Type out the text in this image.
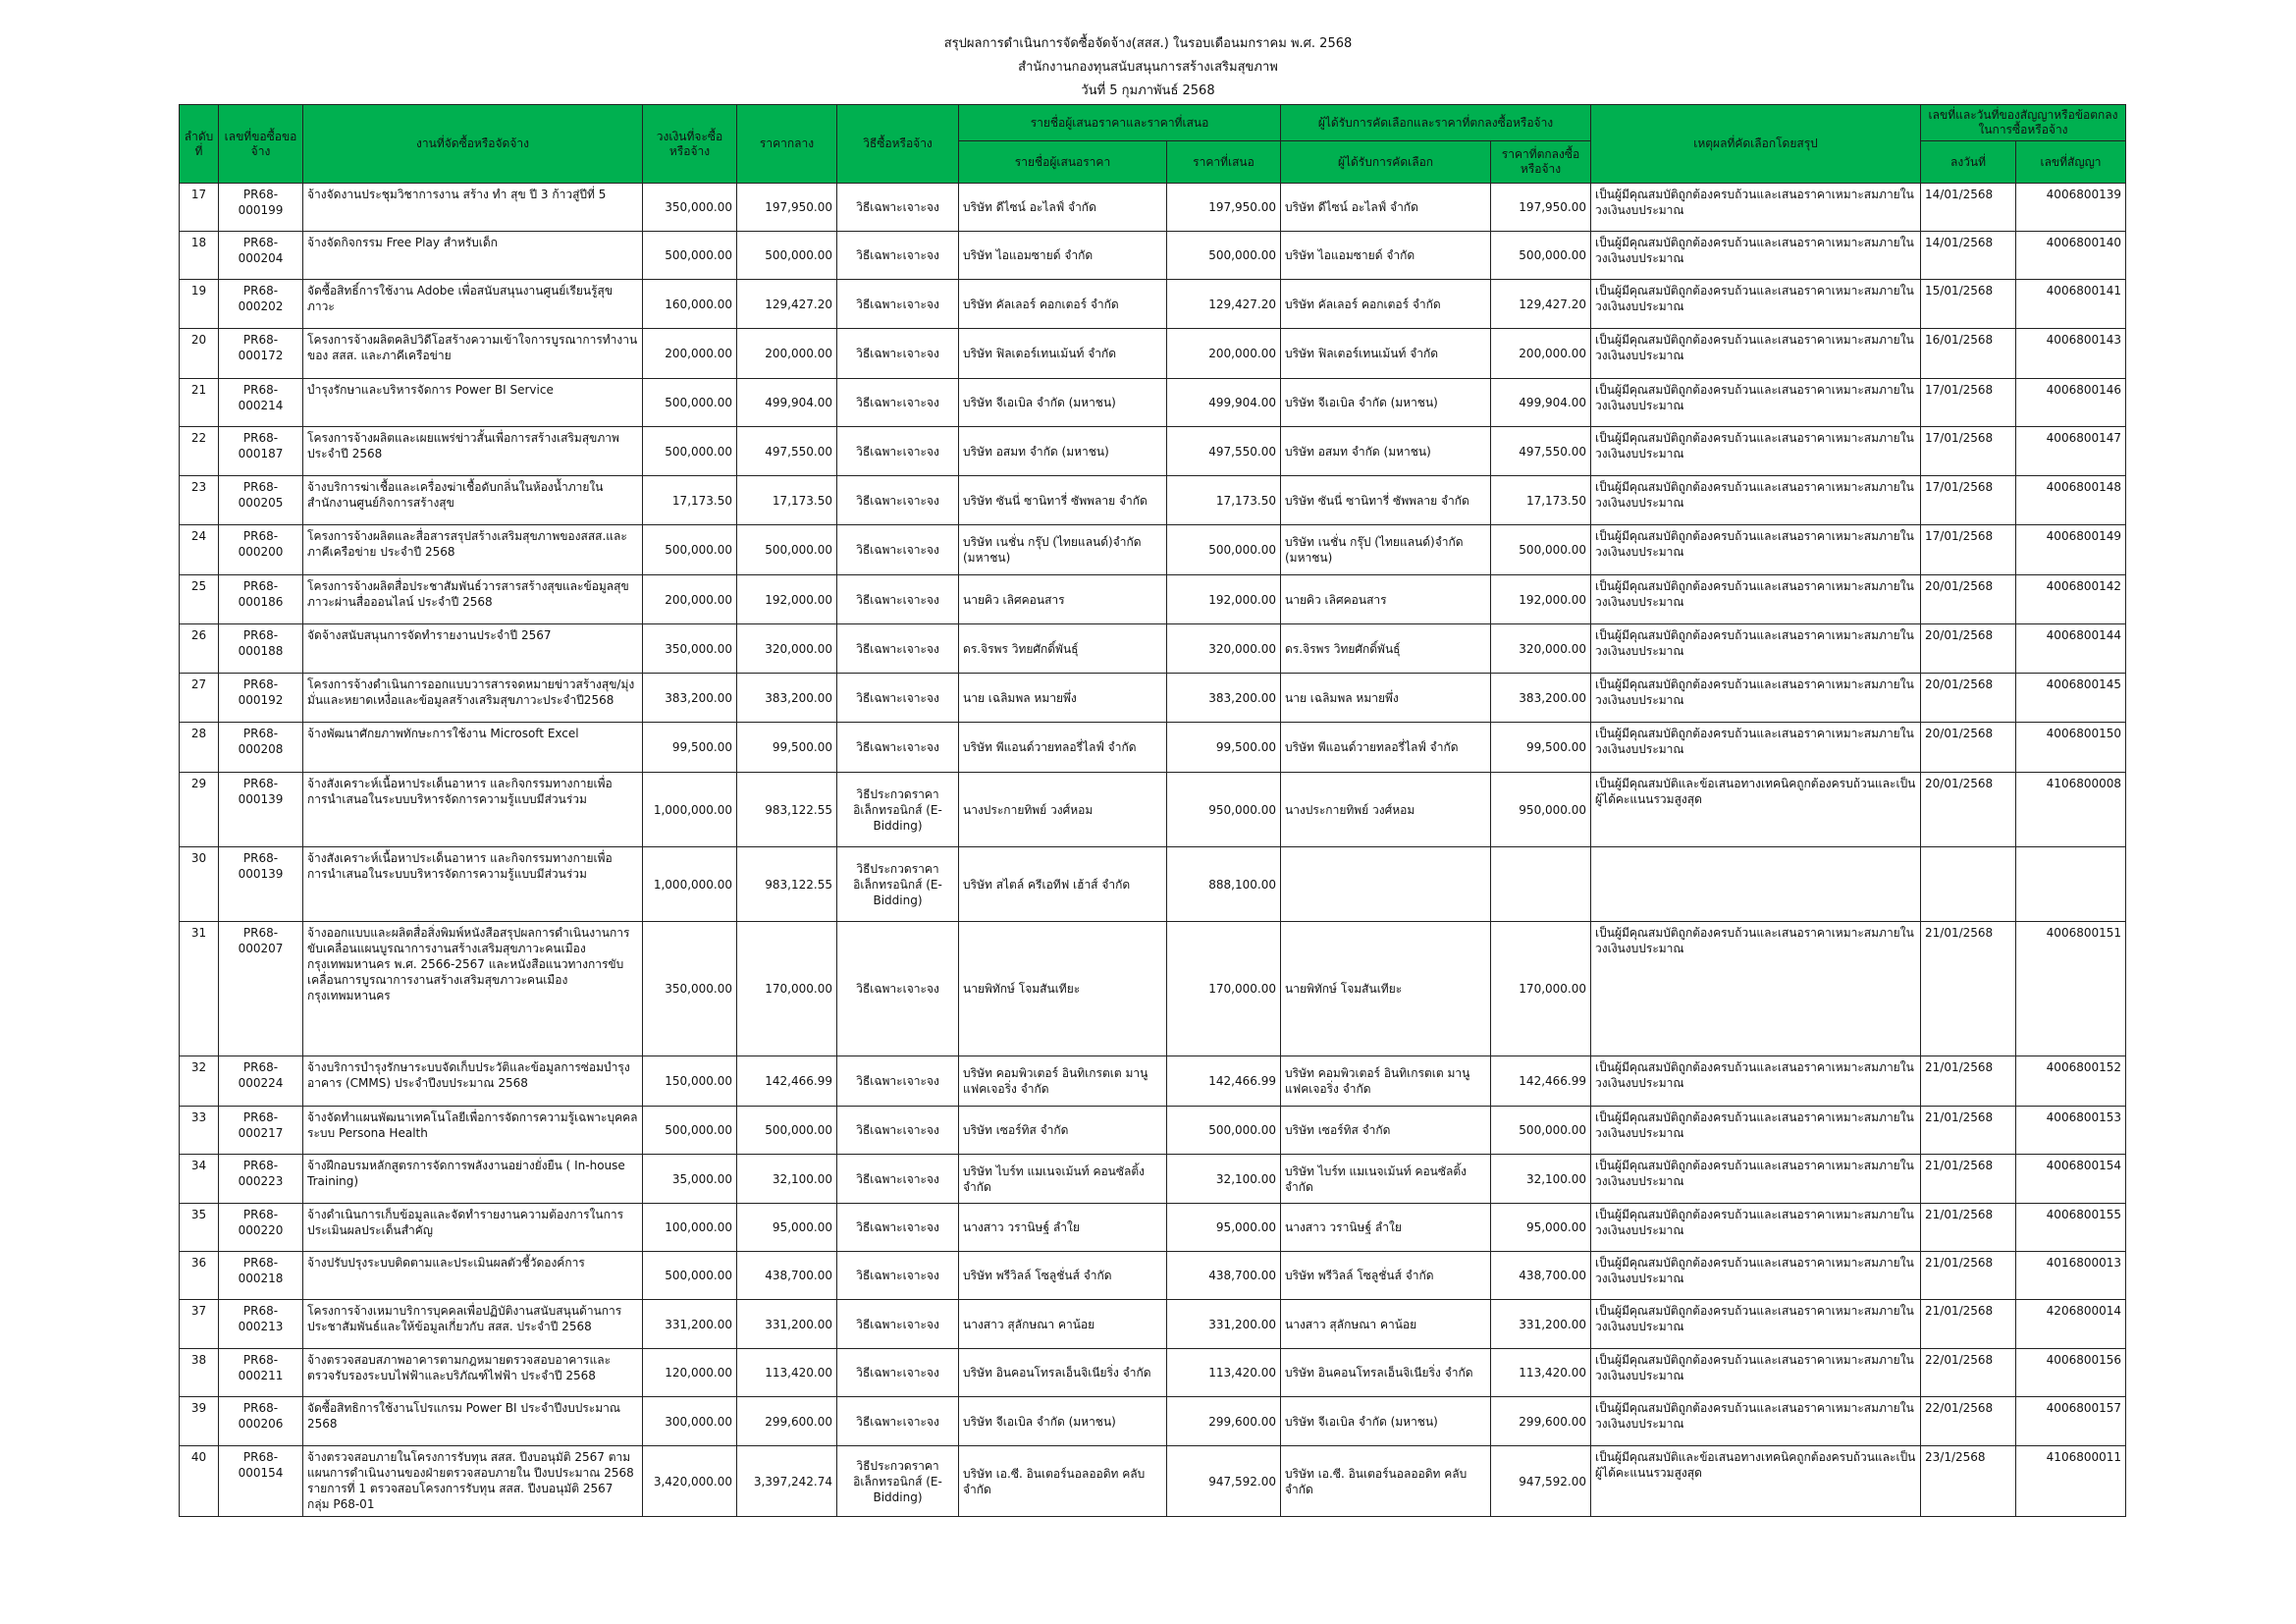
สรุปผลการดำเนินการจัดซื้อจัดจ้าง(สสส.) ในรอบเดือนมกราคม พ.ศ. 2568
สำนักงานกองทุนสนับสนุนการสร้างเสริมสุขภาพ
วันที่ 5 กุมภาพันธ์ 2568
ลำดับที่	เลขที่ขอซื้อขอจ้าง	งานที่จัดซื้อหรือจัดจ้าง	วงเงินที่จะซื้อหรือจ้าง	ราคากลาง	วิธีซื้อหรือจ้าง	รายชื่อผู้เสนอราคาและราคาที่เสนอ		ผู้ได้รับการคัดเลือกและราคาที่ตกลงซื้อหรือจ้าง		เหตุผลที่คัดเลือกโดยสรุป	เลขที่และวันที่ของสัญญาหรือข้อตกลงในการซื้อหรือจ้าง	
						รายชื่อผู้เสนอราคา	ราคาที่เสนอ	ผู้ได้รับการคัดเลือก	ราคาที่ตกลงซื้อหรือจ้าง		ลงวันที่	เลขที่สัญญา
17	PR68-000199	จ้างจัดงานประชุมวิชาการงาน สร้าง ทำ สุข ปี 3 ก้าวสู่ปีที่ 5	350,000.00	197,950.00	วิธีเฉพาะเจาะจง	บริษัท ดีไซน์ อะไลฟ์ จำกัด	197,950.00	บริษัท ดีไซน์ อะไลฟ์ จำกัด	197,950.00	เป็นผู้มีคุณสมบัติถูกต้องครบถ้วนและเสนอราคาเหมาะสมภายในวงเงินงบประมาณ	14/01/2568	4006800139
18	PR68-000204	จ้างจัดกิจกรรม Free Play สำหรับเด็ก	500,000.00	500,000.00	วิธีเฉพาะเจาะจง	บริษัท ไอแอมซายด์ จำกัด	500,000.00	บริษัท ไอแอมซายด์ จำกัด	500,000.00	เป็นผู้มีคุณสมบัติถูกต้องครบถ้วนและเสนอราคาเหมาะสมภายในวงเงินงบประมาณ	14/01/2568	4006800140
19	PR68-000202	จัดซื้อสิทธิ์การใช้งาน Adobe เพื่อสนับสนุนงานศูนย์เรียนรู้สุขภาวะ	160,000.00	129,427.20	วิธีเฉพาะเจาะจง	บริษัท คัลเลอร์ คอกเตอร์ จำกัด	129,427.20	บริษัท คัลเลอร์ คอกเตอร์ จำกัด	129,427.20	เป็นผู้มีคุณสมบัติถูกต้องครบถ้วนและเสนอราคาเหมาะสมภายในวงเงินงบประมาณ	15/01/2568	4006800141
20	PR68-000172	โครงการจ้างผลิตคลิปวิดีโอสร้างความเข้าใจการบูรณาการทำงานของ สสส. และภาคีเครือข่าย	200,000.00	200,000.00	วิธีเฉพาะเจาะจง	บริษัท ฟิลเตอร์เทนเม้นท์ จำกัด	200,000.00	บริษัท ฟิลเตอร์เทนเม้นท์ จำกัด	200,000.00	เป็นผู้มีคุณสมบัติถูกต้องครบถ้วนและเสนอราคาเหมาะสมภายในวงเงินงบประมาณ	16/01/2568	4006800143
21	PR68-000214	บำรุงรักษาและบริหารจัดการ Power BI Service	500,000.00	499,904.00	วิธีเฉพาะเจาะจง	บริษัท จีเอเบิล จำกัด (มหาชน)	499,904.00	บริษัท จีเอเบิล จำกัด (มหาชน)	499,904.00	เป็นผู้มีคุณสมบัติถูกต้องครบถ้วนและเสนอราคาเหมาะสมภายในวงเงินงบประมาณ	17/01/2568	4006800146
22	PR68-000187	โครงการจ้างผลิตและเผยแพร่ข่าวสั้นเพื่อการสร้างเสริมสุขภาพ ประจำปี 2568	500,000.00	497,550.00	วิธีเฉพาะเจาะจง	บริษัท อสมท จำกัด (มหาชน)	497,550.00	บริษัท อสมท จำกัด (มหาชน)	497,550.00	เป็นผู้มีคุณสมบัติถูกต้องครบถ้วนและเสนอราคาเหมาะสมภายในวงเงินงบประมาณ	17/01/2568	4006800147
23	PR68-000205	จ้างบริการฆ่าเชื้อและเครื่องฆ่าเชื้อดับกลิ่นในห้องน้ำภายในสำนักงานศูนย์กิจการสร้างสุข	17,173.50	17,173.50	วิธีเฉพาะเจาะจง	บริษัท ซันนี่ ซานิทารี่ ซัพพลาย จำกัด	17,173.50	บริษัท ซันนี่ ซานิทารี่ ซัพพลาย จำกัด	17,173.50	เป็นผู้มีคุณสมบัติถูกต้องครบถ้วนและเสนอราคาเหมาะสมภายในวงเงินงบประมาณ	17/01/2568	4006800148
24	PR68-000200	โครงการจ้างผลิตและสื่อสารสรุปสร้างเสริมสุขภาพของสสส.และภาคีเครือข่าย ประจำปี 2568	500,000.00	500,000.00	วิธีเฉพาะเจาะจง	บริษัท เนชั่น กรุ๊ป (ไทยแลนด์)จำกัด (มหาชน)	500,000.00	บริษัท เนชั่น กรุ๊ป (ไทยแลนด์)จำกัด (มหาชน)	500,000.00	เป็นผู้มีคุณสมบัติถูกต้องครบถ้วนและเสนอราคาเหมาะสมภายในวงเงินงบประมาณ	17/01/2568	4006800149
25	PR68-000186	โครงการจ้างผลิตสื่อประชาสัมพันธ์วารสารสร้างสุขและข้อมูลสุขภาวะผ่านสื่อออนไลน์ ประจำปี 2568	200,000.00	192,000.00	วิธีเฉพาะเจาะจง	นายคิว เลิศคอนสาร	192,000.00	นายคิว เลิศคอนสาร	192,000.00	เป็นผู้มีคุณสมบัติถูกต้องครบถ้วนและเสนอราคาเหมาะสมภายในวงเงินงบประมาณ	20/01/2568	4006800142
26	PR68-000188	จัดจ้างสนับสนุนการจัดทำรายงานประจำปี 2567	350,000.00	320,000.00	วิธีเฉพาะเจาะจง	ดร.จิรพร วิทยศักดิ์พันธุ์	320,000.00	ดร.จิรพร วิทยศักดิ์พันธุ์	320,000.00	เป็นผู้มีคุณสมบัติถูกต้องครบถ้วนและเสนอราคาเหมาะสมภายในวงเงินงบประมาณ	20/01/2568	4006800144
27	PR68-000192	โครงการจ้างดำเนินการออกแบบวารสารจดหมายข่าวสร้างสุข/มุ่งมั่นและหยาดเหงื่อและข้อมูลสร้างเสริมสุขภาวะประจำปี2568	383,200.00	383,200.00	วิธีเฉพาะเจาะจง	นาย เฉลิมพล หมายพึ่ง	383,200.00	นาย เฉลิมพล หมายพึ่ง	383,200.00	เป็นผู้มีคุณสมบัติถูกต้องครบถ้วนและเสนอราคาเหมาะสมภายในวงเงินงบประมาณ	20/01/2568	4006800145
28	PR68-000208	จ้างพัฒนาศักยภาพทักษะการใช้งาน Microsoft Excel	99,500.00	99,500.00	วิธีเฉพาะเจาะจง	บริษัท พีแอนด์วายทลอรี่ไลฟ์ จำกัด	99,500.00	บริษัท พีแอนด์วายทลอรี่ไลฟ์ จำกัด	99,500.00	เป็นผู้มีคุณสมบัติถูกต้องครบถ้วนและเสนอราคาเหมาะสมภายในวงเงินงบประมาณ	20/01/2568	4006800150
29	PR68-000139	จ้างสังเคราะห์เนื้อหาประเด็นอาหาร และกิจกรรมทางกายเพื่อการนำเสนอในระบบบริหารจัดการความรู้แบบมีส่วนร่วม	1,000,000.00	983,122.55	วิธีประกวดราคาอิเล็กทรอนิกส์ (E-Bidding)	นางประกายทิพย์ วงศ์หอม	950,000.00	นางประกายทิพย์ วงศ์หอม	950,000.00	เป็นผู้มีคุณสมบัติและข้อเสนอทางเทคนิคถูกต้องครบถ้วนและเป็นผู้ได้คะแนนรวมสูงสุด	20/01/2568	4106800008
30	PR68-000139	จ้างสังเคราะห์เนื้อหาประเด็นอาหาร และกิจกรรมทางกายเพื่อการนำเสนอในระบบบริหารจัดการความรู้แบบมีส่วนร่วม	1,000,000.00	983,122.55	วิธีประกวดราคาอิเล็กทรอนิกส์ (E-Bidding)	บริษัท สไตล์ ครีเอทีฟ เฮ้าส์ จำกัด	888,100.00					
31	PR68-000207	จ้างออกแบบและผลิตสื่อสิ่งพิมพ์หนังสือสรุปผลการดำเนินงานการขับเคลื่อนแผนบูรณาการงานสร้างเสริมสุขภาวะคนเมืองกรุงเทพมหานคร พ.ศ. 2566-2567 และหนังสือแนวทางการขับเคลื่อนการบูรณาการงานสร้างเสริมสุขภาวะคนเมืองกรุงเทพมหานคร	350,000.00	170,000.00	วิธีเฉพาะเจาะจง	นายพิทักษ์ โจมสันเทียะ	170,000.00	นายพิทักษ์ โจมสันเทียะ	170,000.00	เป็นผู้มีคุณสมบัติถูกต้องครบถ้วนและเสนอราคาเหมาะสมภายในวงเงินงบประมาณ	21/01/2568	4006800151
32	PR68-000224	จ้างบริการบำรุงรักษาระบบจัดเก็บประวัติและข้อมูลการซ่อมบำรุงอาคาร (CMMS) ประจำปีงบประมาณ 2568	150,000.00	142,466.99	วิธีเฉพาะเจาะจง	บริษัท คอมพิวเตอร์ อินทิเกรตเต มานูแฟคเจอริ่ง จำกัด	142,466.99	บริษัท คอมพิวเตอร์ อินทิเกรตเต มานูแฟคเจอริ่ง จำกัด	142,466.99	เป็นผู้มีคุณสมบัติถูกต้องครบถ้วนและเสนอราคาเหมาะสมภายในวงเงินงบประมาณ	21/01/2568	4006800152
33	PR68-000217	จ้างจัดทำแผนพัฒนาเทคโนโลยีเพื่อการจัดการความรู้เฉพาะบุคคล ระบบ Persona Health	500,000.00	500,000.00	วิธีเฉพาะเจาะจง	บริษัท เซอร์ทิส จำกัด	500,000.00	บริษัท เซอร์ทิส จำกัด	500,000.00	เป็นผู้มีคุณสมบัติถูกต้องครบถ้วนและเสนอราคาเหมาะสมภายในวงเงินงบประมาณ	21/01/2568	4006800153
34	PR68-000223	จ้างฝึกอบรมหลักสูตรการจัดการพลังงานอย่างยั่งยืน ( In-house Training)	35,000.00	32,100.00	วิธีเฉพาะเจาะจง	บริษัท ไบร์ท แมเนจเม้นท์ คอนซัลติ้ง จำกัด	32,100.00	บริษัท ไบร์ท แมเนจเม้นท์ คอนซัลติ้ง จำกัด	32,100.00	เป็นผู้มีคุณสมบัติถูกต้องครบถ้วนและเสนอราคาเหมาะสมภายในวงเงินงบประมาณ	21/01/2568	4006800154
35	PR68-000220	จ้างดำเนินการเก็บข้อมูลและจัดทำรายงานความต้องการในการประเมินผลประเด็นสำคัญ	100,000.00	95,000.00	วิธีเฉพาะเจาะจง	นางสาว วรานิษฐ์ ลำใย	95,000.00	นางสาว วรานิษฐ์ ลำใย	95,000.00	เป็นผู้มีคุณสมบัติถูกต้องครบถ้วนและเสนอราคาเหมาะสมภายในวงเงินงบประมาณ	21/01/2568	4006800155
36	PR68-000218	จ้างปรับปรุงระบบติดตามและประเมินผลตัวชี้วัดองค์การ	500,000.00	438,700.00	วิธีเฉพาะเจาะจง	บริษัท พรีวิลล์ โซลูชั่นส์ จำกัด	438,700.00	บริษัท พรีวิลล์ โซลูชั่นส์ จำกัด	438,700.00	เป็นผู้มีคุณสมบัติถูกต้องครบถ้วนและเสนอราคาเหมาะสมภายในวงเงินงบประมาณ	21/01/2568	4016800013
37	PR68-000213	โครงการจ้างเหมาบริการบุคคลเพื่อปฏิบัติงานสนับสนุนด้านการประชาสัมพันธ์และให้ข้อมูลเกี่ยวกับ สสส. ประจำปี 2568	331,200.00	331,200.00	วิธีเฉพาะเจาะจง	นางสาว สุลักษณา คาน้อย	331,200.00	นางสาว สุลักษณา คาน้อย	331,200.00	เป็นผู้มีคุณสมบัติถูกต้องครบถ้วนและเสนอราคาเหมาะสมภายในวงเงินงบประมาณ	21/01/2568	4206800014
38	PR68-000211	จ้างตรวจสอบสภาพอาคารตามกฎหมายตรวจสอบอาคารและตรวจรับรองระบบไฟฟ้าและบริภัณฑ์ไฟฟ้า ประจำปี 2568	120,000.00	113,420.00	วิธีเฉพาะเจาะจง	บริษัท อินคอนโทรลเอ็นจิเนียริ่ง จำกัด	113,420.00	บริษัท อินคอนโทรลเอ็นจิเนียริ่ง จำกัด	113,420.00	เป็นผู้มีคุณสมบัติถูกต้องครบถ้วนและเสนอราคาเหมาะสมภายในวงเงินงบประมาณ	22/01/2568	4006800156
39	PR68-000206	จัดซื้อสิทธิการใช้งานโปรแกรม Power BI ประจำปีงบประมาณ 2568	300,000.00	299,600.00	วิธีเฉพาะเจาะจง	บริษัท จีเอเบิล จำกัด (มหาชน)	299,600.00	บริษัท จีเอเบิล จำกัด (มหาชน)	299,600.00	เป็นผู้มีคุณสมบัติถูกต้องครบถ้วนและเสนอราคาเหมาะสมภายในวงเงินงบประมาณ	22/01/2568	4006800157
40	PR68-000154	จ้างตรวจสอบภายในโครงการรับทุน สสส. ปีงบอนุมัติ 2567 ตามแผนการดำเนินงานของฝ่ายตรวจสอบภายใน ปีงบประมาณ 2568 รายการที่ 1 ตรวจสอบโครงการรับทุน สสส. ปีงบอนุมัติ 2567 กลุ่ม P68-01	3,420,000.00	3,397,242.74	วิธีประกวดราคาอิเล็กทรอนิกส์ (E-Bidding)	บริษัท เอ.ซี. อินเตอร์นอลออดิท คลับ จำกัด	947,592.00	บริษัท เอ.ซี. อินเตอร์นอลออดิท คลับ จำกัด	947,592.00	เป็นผู้มีคุณสมบัติและข้อเสนอทางเทคนิคถูกต้องครบถ้วนและเป็นผู้ได้คะแนนรวมสูงสุด	23/1/2568	4106800011
